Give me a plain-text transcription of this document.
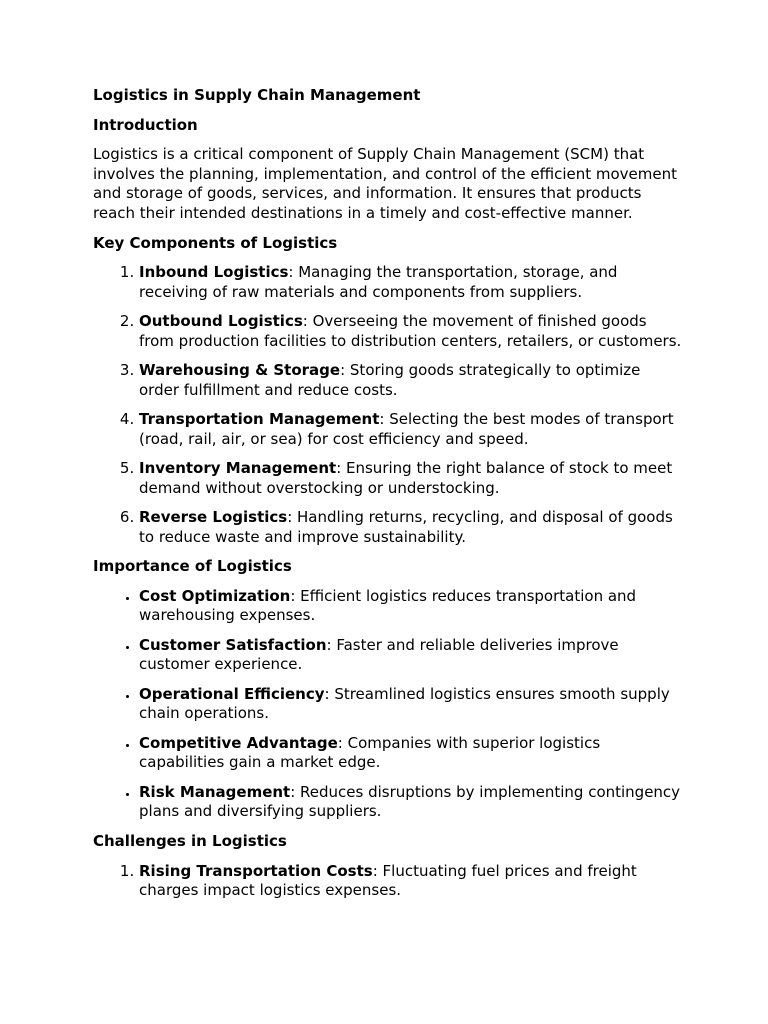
Logistics in Supply Chain Management

Introduction

Logistics is a critical component of Supply Chain Management (SCM) that involves the planning, implementation, and control of the efficient movement and storage of goods, services, and information. It ensures that products reach their intended destinations in a timely and cost-effective manner.

Key Components of Logistics

1. Inbound Logistics: Managing the transportation, storage, and receiving of raw materials and components from suppliers.
2. Outbound Logistics: Overseeing the movement of finished goods from production facilities to distribution centers, retailers, or customers.
3. Warehousing & Storage: Storing goods strategically to optimize order fulfillment and reduce costs.
4. Transportation Management: Selecting the best modes of transport (road, rail, air, or sea) for cost efficiency and speed.
5. Inventory Management: Ensuring the right balance of stock to meet demand without overstocking or understocking.
6. Reverse Logistics: Handling returns, recycling, and disposal of goods to reduce waste and improve sustainability.

Importance of Logistics

• Cost Optimization: Efficient logistics reduces transportation and warehousing expenses.
• Customer Satisfaction: Faster and reliable deliveries improve customer experience.
• Operational Efficiency: Streamlined logistics ensures smooth supply chain operations.
• Competitive Advantage: Companies with superior logistics capabilities gain a market edge.
• Risk Management: Reduces disruptions by implementing contingency plans and diversifying suppliers.

Challenges in Logistics

1. Rising Transportation Costs: Fluctuating fuel prices and freight charges impact logistics expenses.
